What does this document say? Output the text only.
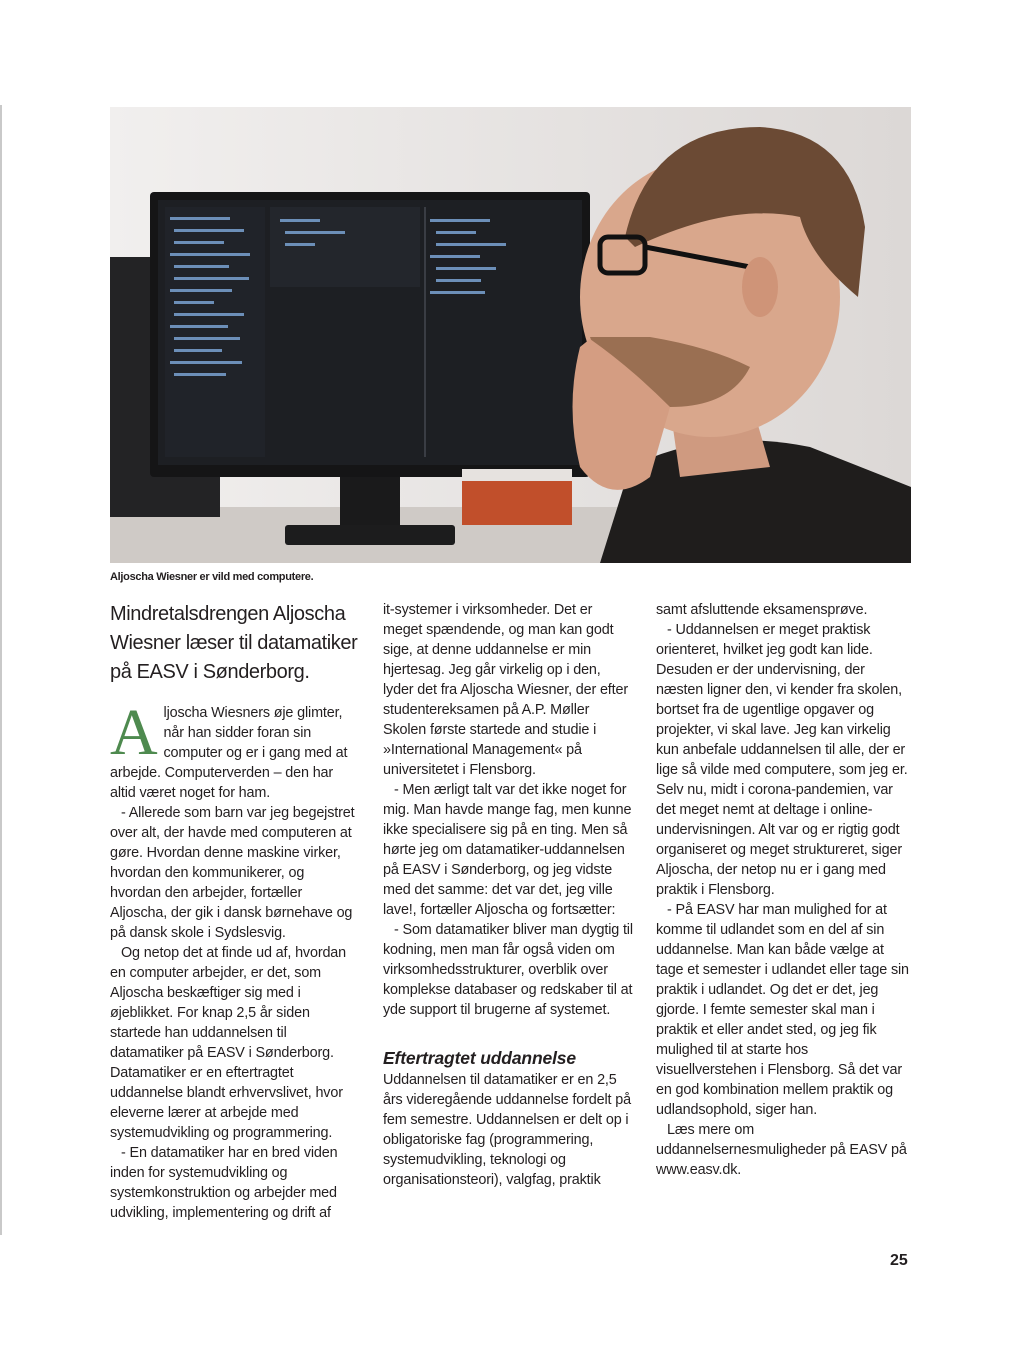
Aljoscha Wiesner er vild med computere.
Mindretalsdrengen Aljoscha Wiesner læser til datamatiker på EASV i Sønderborg.
A ljoscha Wiesners øje glimter, når han sidder foran sin computer og er i gang med at arbejde. Computerverden – den har altid været noget for ham.

- Allerede som barn var jeg begejstret over alt, der havde med computeren at gøre. Hvordan denne maskine virker, hvordan den kommunikerer, og hvordan den arbejder, fortæller Aljoscha, der gik i dansk børnehave og på dansk skole i Sydslesvig.

Og netop det at finde ud af, hvordan en computer arbejder, er det, som Aljoscha beskæftiger sig med i øjeblikket. For knap 2,5 år siden startede han uddannelsen til datamatiker på EASV i Sønderborg. Datamatiker er en eftertragtet uddannelse blandt erhvervslivet, hvor eleverne lærer at arbejde med systemudvikling og programmering.

- En datamatiker har en bred viden inden for systemudvikling og systemkonstruktion og arbejder med udvikling, implementering og drift af

it-systemer i virksomheder. Det er meget spændende, og man kan godt sige, at denne uddannelse er min hjertesag. Jeg går virkelig op i den, lyder det fra Aljoscha Wiesner, der efter studentereksamen på A.P. Møller Skolen første startede and studie i »International Management« på universitetet i Flensborg.

- Men ærligt talt var det ikke noget for mig. Man havde mange fag, men kunne ikke specialisere sig på en ting. Men så hørte jeg om datamatiker-uddannelsen på EASV i Sønderborg, og jeg vidste med det samme: det var det, jeg ville lave!, fortæller Aljoscha og fortsætter:

- Som datamatiker bliver man dygtig til kodning, men man får også viden om virksomhedsstrukturer, overblik over komplekse databaser og redskaber til at yde support til brugerne af systemet.

Eftertragtet uddannelse

Uddannelsen til datamatiker er en 2,5 års videregående uddannelse fordelt på fem semestre. Uddannelsen er delt op i obligatoriske fag (programmering, systemudvikling, teknologi og organisationsteori), valgfag, praktik

samt afsluttende eksamensprøve.

- Uddannelsen er meget praktisk orienteret, hvilket jeg godt kan lide. Desuden er der undervisning, der næsten ligner den, vi kender fra skolen, bortset fra de ugentlige opgaver og projekter, vi skal lave. Jeg kan virkelig kun anbefale uddannelsen til alle, der er lige så vilde med computere, som jeg er. Selv nu, midt i corona-pandemien, var det meget nemt at deltage i online-undervisningen. Alt var og er rigtig godt organiseret og meget struktureret, siger Aljoscha, der netop nu er i gang med praktik i Flensborg.

- På EASV har man mulighed for at komme til udlandet som en del af sin uddannelse. Man kan både vælge at tage et semester i udlandet eller tage sin praktik i udlandet. Og det er det, jeg gjorde. I femte semester skal man i praktik et eller andet sted, og jeg fik mulighed til at starte hos visuellverstehen i Flensborg. Så det var en god kombination mellem praktik og udlandsophold, siger han.

Læs mere om uddannelsernesmuligheder på EASV på www.easv.dk.

25
